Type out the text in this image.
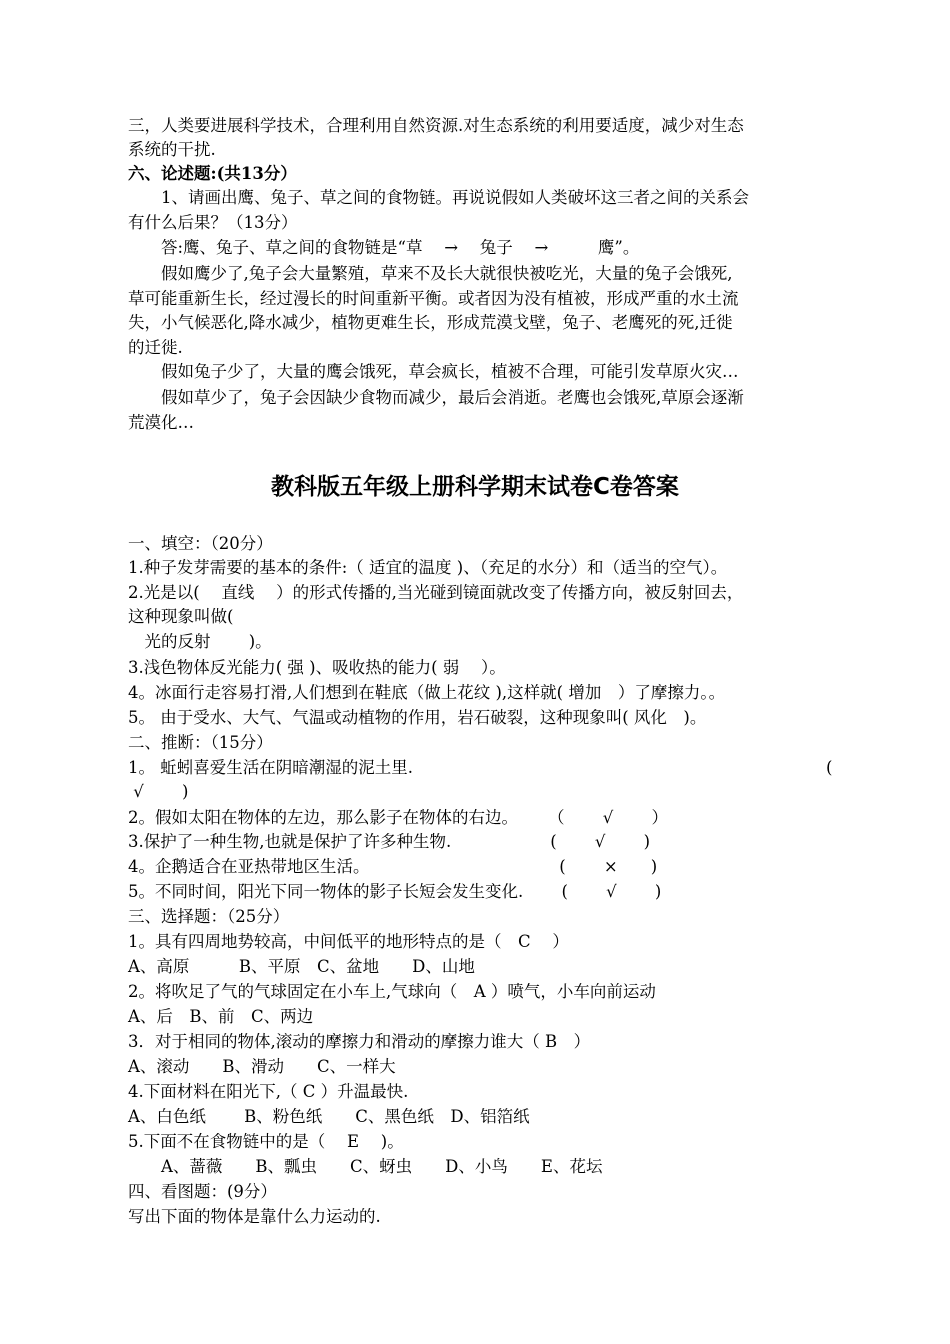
三，人类要进展科学技术，合理利用自然资源.对生态系统的利用要适度，减少对生态
系统的干扰.
六、论述题:(共13分）
　　1、请画出鹰、兔子、草之间的食物链。再说说假如人类破坏这三者之间的关系会
有什么后果？（13分）
　　答:鹰、兔子、草之间的食物链是“草　 →　 兔子　 →　　　鹰”。
　　假如鹰少了,兔子会大量繁殖，草来不及长大就很快被吃光，大量的兔子会饿死,
草可能重新生长，经过漫长的时间重新平衡。或者因为没有植被，形成严重的水土流
失，小气候恶化,降水减少，植物更难生长，形成荒漠戈壁，兔子、老鹰死的死,迁徙
的迁徙.
　　假如兔子少了，大量的鹰会饿死，草会疯长，植被不合理，可能引发草原火灾…
　　假如草少了，兔子会因缺少食物而减少，最后会消逝。老鹰也会饿死,草原会逐渐
荒漠化…
教科版五年级上册科学期末试卷C卷答案
一、填空：（20分）
1.种子发芽需要的基本的条件:（ 适宜的温度 )、（充足的水分）和（适当的空气）。
2.光是以(　 直线　 ）的形式传播的,当光碰到镜面就改变了传播方向，被反射回去，
这种现象叫做(
　光的反射　　 )。
3.浅色物体反光能力( 强 )、吸收热的能力( 弱　 ）。
4。冰面行走容易打滑,人们想到在鞋底（做上花纹 ),这样就( 增加　）了摩擦力。。
5。 由于受水、大气、气温或动植物的作用，岩石破裂，这种现象叫( 风化　)。
二、推断：（15分）
1。 蚯蚓喜爱生活在阴暗潮湿的泥土里.	(
√　　 )
2。假如太阳在物体的左边，那么影子在物体的右边。　　 （　　 √　　 ）
3.保护了一种生物,也就是保护了许多种生物.　　　　　　(　　 √　　 )
4。企鹅适合在亚热带地区生活。　　　　　　　　　　　　(　　 ×　　)
5。不同时间，阳光下同一物体的影子长短会发生变化.　　 (　　 √　　 )
三、选择题：（25分）
1。具有四周地势较高，中间低平的地形特点的是（　C　 ）
A、高原　　　B、平原　C、盆地　　D、山地
2。将吹足了气的气球固定在小车上,气球向（　A ）喷气，小车向前运动
A、后　B、前　C、两边
3．对于相同的物体,滚动的摩擦力和滑动的摩擦力谁大（ B　）
A、滚动　　B、滑动　　C、一样大
4.下面材料在阳光下,（ C ）升温最快.
A、白色纸　　 B、粉色纸　　C、黑色纸　D、铝箔纸
5.下面不在食物链中的是（　 E　 )。
　　A、蔷薇　　B、瓢虫　　C、蚜虫　　D、小鸟　　E、花坛
四、看图题：(9分）
写出下面的物体是靠什么力运动的.
